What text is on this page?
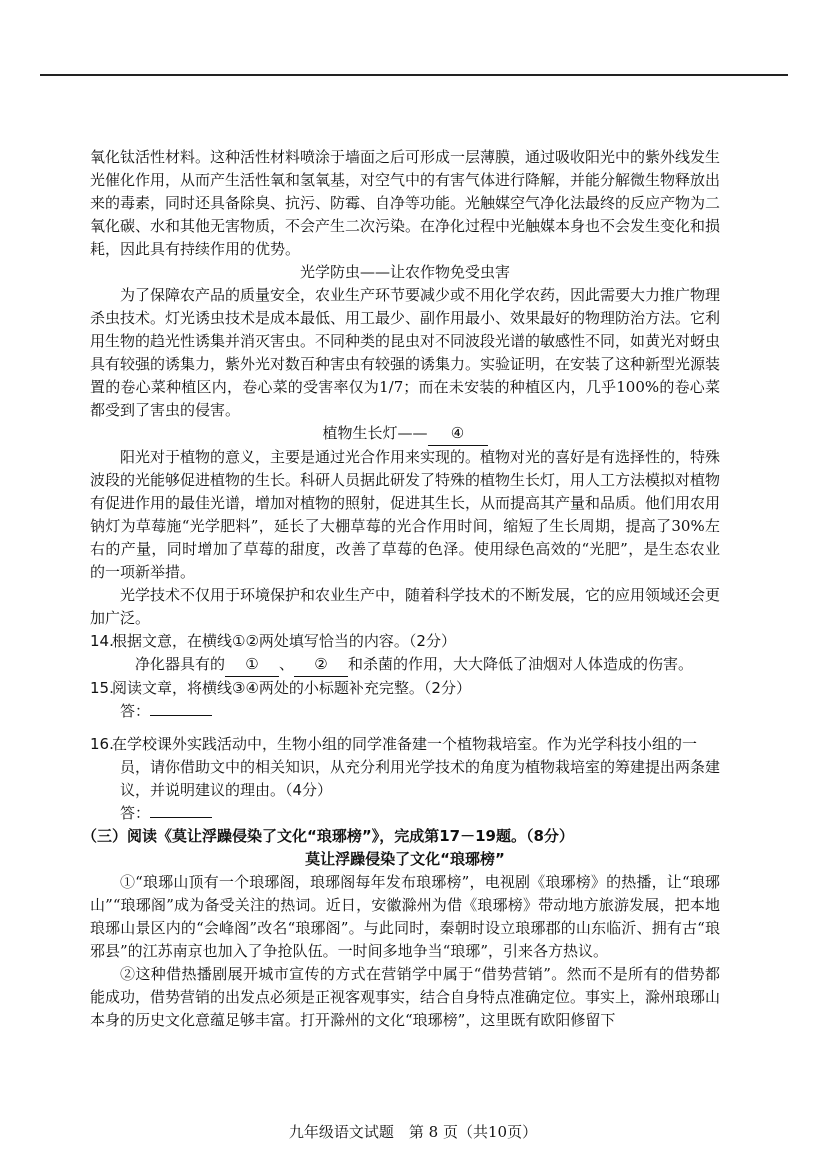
氧化钛活性材料。这种活性材料喷涂于墙面之后可形成一层薄膜，通过吸收阳光中的紫外线发生光催化作用，从而产生活性氧和氢氧基，对空气中的有害气体进行降解，并能分解微生物释放出来的毒素，同时还具备除臭、抗污、防霉、自净等功能。光触媒空气净化法最终的反应产物为二氧化碳、水和其他无害物质，不会产生二次污染。在净化过程中光触媒本身也不会发生变化和损耗，因此具有持续作用的优势。

光学防虫——让农作物免受虫害

为了保障农产品的质量安全，农业生产环节要减少或不用化学农药，因此需要大力推广物理杀虫技术。灯光诱虫技术是成本最低、用工最少、副作用最小、效果最好的物理防治方法。它利用生物的趋光性诱集并消灭害虫。不同种类的昆虫对不同波段光谱的敏感性不同，如黄光对蚜虫具有较强的诱集力，紫外光对数百种害虫有较强的诱集力。实验证明，在安装了这种新型光源装置的卷心菜种植区内，卷心菜的受害率仅为1/7；而在未安装的种植区内，几乎100%的卷心菜都受到了害虫的侵害。

植物生长灯—— ④

阳光对于植物的意义，主要是通过光合作用来实现的。植物对光的喜好是有选择性的，特殊波段的光能够促进植物的生长。科研人员据此研发了特殊的植物生长灯，用人工方法模拟对植物有促进作用的最佳光谱，增加对植物的照射，促进其生长，从而提高其产量和品质。他们用农用钠灯为草莓施“光学肥料”，延长了大棚草莓的光合作用时间，缩短了生长周期，提高了30%左右的产量，同时增加了草莓的甜度，改善了草莓的色泽。使用绿色高效的“光肥”，是生态农业的一项新举措。

光学技术不仅用于环境保护和农业生产中，随着科学技术的不断发展，它的应用领域还会更加广泛。

14.根据文意，在横线①②两处填写恰当的内容。（2分）
净化器具有的 ① 、 ② 和杀菌的作用，大大降低了油烟对人体造成的伤害。
15.阅读文章，将横线③④两处的小标题补充完整。（2分）
答：
16.在学校课外实践活动中，生物小组的同学准备建一个植物栽培室。作为光学科技小组的一员，请你借助文中的相关知识，从充分利用光学技术的角度为植物栽培室的筹建提出两条建议，并说明建议的理由。（4分）
答：
（三）阅读《莫让浮躁侵染了文化“琅琊榜”》，完成第17－19题。（8分）
莫让浮躁侵染了文化“琅琊榜”

①“琅琊山顶有一个琅琊阁，琅琊阁每年发布琅琊榜”，电视剧《琅琊榜》的热播，让“琅琊山”“琅琊阁”成为备受关注的热词。近日，安徽滁州为借《琅琊榜》带动地方旅游发展，把本地琅琊山景区内的“会峰阁”改名“琅琊阁”。与此同时，秦朝时设立琅琊郡的山东临沂、拥有古“琅邪县”的江苏南京也加入了争抢队伍。一时间多地争当“琅琊”，引来各方热议。

②这种借热播剧展开城市宣传的方式在营销学中属于“借势营销”。然而不是所有的借势都能成功，借势营销的出发点必须是正视客观事实，结合自身特点准确定位。事实上，滁州琅琊山本身的历史文化意蕴足够丰富。打开滁州的文化“琅琊榜”，这里既有欧阳修留下

九年级语文试题　第 8 页（共10页）
